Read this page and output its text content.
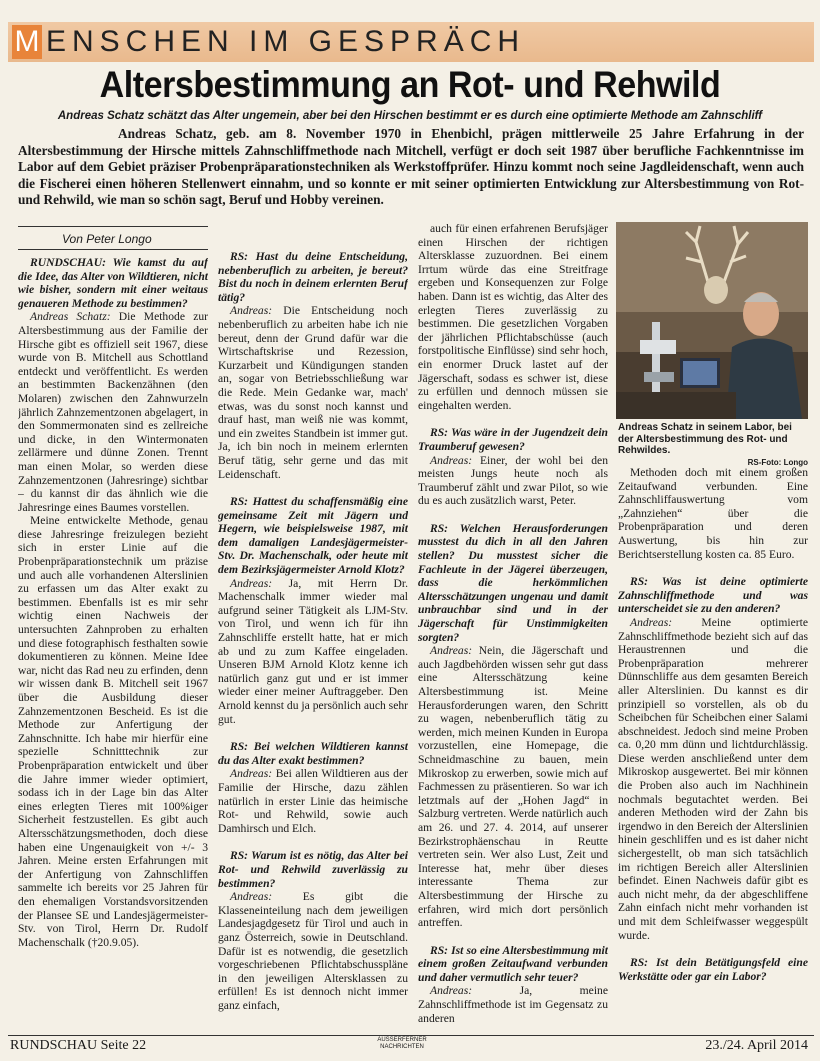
M ENSCHEN IM GESPRÄCH
Altersbestimmung an Rot- und Rehwild
Andreas Schatz schätzt das Alter ungemein, aber bei den Hirschen bestimmt er es durch eine optimierte Methode am Zahnschliff
Andreas Schatz, geb. am 8. November 1970 in Ehenbichl, prägen mittlerweile 25 Jahre Erfahrung in der Altersbestimmung der Hirsche mittels Zahnschliffmethode nach Mitchell, verfügt er doch seit 1987 über berufliche Fachkenntnisse im Labor auf dem Gebiet präziser Probenpräparationstechniken als Werkstoffprüfer. Hinzu kommt noch seine Jagdleidenschaft, wenn auch die Fischerei einen höheren Stellenwert einnahm, und so konnte er mit seiner optimierten Entwicklung zur Altersbestimmung von Rot- und Rehwild, wie man so schön sagt, Beruf und Hobby vereinen.
Von Peter Longo

RUNDSCHAU: Wie kamst du auf die Idee, das Alter von Wildtieren, nicht wie bisher, sondern mit einer weitaus genaueren Methode zu bestimmen?

Andreas Schatz: Die Methode zur Altersbestimmung aus der Familie der Hirsche gibt es offiziell seit 1967, diese wurde von B. Mitchell aus Schottland entdeckt und veröffentlicht. Es werden an bestimmten Backenzähnen (den Molaren) zwischen den Zahnwurzeln jährlich Zahnzementzonen abgelagert, in den Sommermonaten sind es zellreiche und dicke, in den Wintermonaten zellärmere und dünne Zonen. Trennt man einen Molar, so werden diese Zahnzementzonen (Jahresringe) sichtbar – du kannst dir das ähnlich wie die Jahresringe eines Baumes vorstellen.

Meine entwickelte Methode, genau diese Jahresringe freizulegen bezieht sich in erster Linie auf die Probenpräparationstechnik um präzise und auch alle vorhandenen Alterslinien zu erfassen um das Alter exakt zu bestimmen. Ebenfalls ist es mir sehr wichtig einen Nachweis der untersuchten Zahnproben zu erhalten und diese fotographisch festhalten sowie dokumentieren zu können. Meine Idee war, nicht das Rad neu zu erfinden, denn wir wissen dank B. Mitchell seit 1967 über die Ausbildung dieser Zahnzementzonen Bescheid. Es ist die Methode zur Anfertigung der Zahnschnitte. Ich habe mir hierfür eine spezielle Schnitttechnik zur Probenpräparation entwickelt und über die Jahre immer wieder optimiert, sodass ich in der Lage bin das Alter eines erlegten Tieres mit 100%iger Sicherheit festzustellen. Es gibt auch Altersschätzungsmethoden, doch diese haben eine Ungenauigkeit von +/- 3 Jahren. Meine ersten Erfahrungen mit der Anfertigung von Zahnschliffen sammelte ich bereits vor 25 Jahren für den ehemaligen Vorstandsvorsitzenden der Plansee SE und Landesjägermeister-Stv. von Tirol, Herrn Dr. Rudolf Machenschalk (†20.9.05).

RS: Hast du deine Entscheidung, nebenberuflich zu arbeiten, je bereut? Bist du noch in deinem erlernten Beruf tätig?

Andreas: Die Entscheidung noch nebenberuflich zu arbeiten habe ich nie bereut, denn der Grund dafür war die Wirtschaftskrise und Rezession, Kurzarbeit und Kündigungen standen an, sogar von Betriebsschließung war die Rede. Mein Gedanke war, mach' etwas, was du sonst noch kannst und drauf hast, man weiß nie was kommt, und ein zweites Standbein ist immer gut. Ja, ich bin noch in meinem erlernten Beruf tätig, sehr gerne und das mit Leidenschaft.

RS: Hattest du schaffensmäßig eine gemeinsame Zeit mit Jägern und Hegern, wie beispielsweise 1987, mit dem damaligen Landesjägermeister-Stv. Dr. Machenschalk, oder heute mit dem Bezirksjägermeister Arnold Klotz?

Andreas: Ja, mit Herrn Dr. Machenschalk immer wieder mal aufgrund seiner Tätigkeit als LJM-Stv. von Tirol, und wenn ich für ihn Zahnschliffe erstellt hatte, hat er mich ab und zu zum Kaffee eingeladen. Unseren BJM Arnold Klotz kenne ich natürlich ganz gut und er ist immer wieder einer meiner Auftraggeber. Den Arnold kennst du ja persönlich auch sehr gut.

RS: Bei welchen Wildtieren kannst du das Alter exakt bestimmen?

Andreas: Bei allen Wildtieren aus der Familie der Hirsche, dazu zählen natürlich in erster Linie das heimische Rot- und Rehwild, sowie auch Damhirsch und Elch.

RS: Warum ist es nötig, das Alter bei Rot- und Rehwild zuverlässig zu bestimmen?

Andreas: Es gibt die Klasseneinteilung nach dem jeweiligen Landesjagdgesetz für Tirol und auch in ganz Österreich, sowie in Deutschland. Dafür ist es notwendig, die gesetzlich vorgeschriebenen Pflichtabschusspläne in den jeweiligen Altersklassen zu erfüllen! Es ist dennoch nicht immer ganz einfach,

auch für einen erfahrenen Berufsjäger einen Hirschen der richtigen Altersklasse zuzuordnen. Bei einem Irrtum würde das eine Streitfrage ergeben und Konsequenzen zur Folge haben. Dann ist es wichtig, das Alter des erlegten Tieres zuverlässig zu bestimmen. Die gesetzlichen Vorgaben der jährlichen Pflichtabschüsse (auch forstpolitische Einflüsse) sind sehr hoch, ein enormer Druck lastet auf der Jägerschaft, sodass es schwer ist, diese zu erfüllen und dennoch müssen sie eingehalten werden.

RS: Was wäre in der Jugendzeit dein Traumberuf gewesen?

Andreas: Einer, der wohl bei den meisten Jungs heute noch als Traumberuf zählt und zwar Pilot, so wie du es auch zusätzlich warst, Peter.

RS: Welchen Herausforderungen musstest du dich in all den Jahren stellen? Du musstest sicher die Fachleute in der Jägerei überzeugen, dass die herkömmlichen Altersschätzungen ungenau und damit unbrauchbar sind und in der Jägerschaft für Unstimmigkeiten sorgten?

Andreas: Nein, die Jägerschaft und auch Jagdbehörden wissen sehr gut dass eine Altersschätzung keine Altersbestimmung ist. Meine Herausforderungen waren, den Schritt zu wagen, nebenberuflich tätig zu werden, mich meinen Kunden in Europa vorzustellen, eine Homepage, die Schneidmaschine zu bauen, mein Mikroskop zu erwerben, sowie mich auf Fachmessen zu präsentieren. So war ich letztmals auf der „Hohen Jagd“ in Salzburg vertreten. Werde natürlich auch am 26. und 27. 4. 2014, auf unserer Bezirkstrophäenschau in Reutte vertreten sein. Wer also Lust, Zeit und Interesse hat, mehr über dieses interessante Thema zur Altersbestimmung der Hirsche zu erfahren, wird mich dort persönlich antreffen.

RS: Ist so eine Altersbestimmung mit einem großen Zeitaufwand verbunden und daher vermutlich sehr teuer?

Andreas: Ja, meine Zahnschliffmethode ist im Gegensatz zu anderen

Andreas Schatz in seinem Labor, bei der Altersbestimmung des Rot- und Rehwildes.
RS-Foto: Longo

Methoden doch mit einem großen Zeitaufwand verbunden. Eine Zahnschliffauswertung vom „Zahnziehen“ über die Probenpräparation und deren Auswertung, bis hin zur Berichtserstellung kosten ca. 85 Euro.

RS: Was ist deine optimierte Zahnschliffmethode und was unterscheidet sie zu den anderen?

Andreas: Meine optimierte Zahnschliffmethode bezieht sich auf das Heraustrennen und die Probenpräparation mehrerer Dünnschliffe aus dem gesamten Bereich aller Alterslinien. Du kannst es dir prinzipiell so vorstellen, als ob du Scheibchen für Scheibchen einer Salami abschneidest. Jedoch sind meine Proben ca. 0,20 mm dünn und lichtdurchlässig. Diese werden anschließend unter dem Mikroskop ausgewertet. Bei mir können die Proben also auch im Nachhinein nochmals begutachtet werden. Bei anderen Methoden wird der Zahn bis irgendwo in den Bereich der Alterslinien hinein geschliffen und es ist daher nicht sichergestellt, ob man sich tatsächlich im richtigen Bereich aller Alterslinien befindet. Einen Nachweis dafür gibt es auch nicht mehr, da der abgeschliffene Zahn einfach nicht mehr vorhanden ist und mit dem Schleifwasser weggespült wurde.

RS: Ist dein Betätigungsfeld eine Werkstätte oder gar ein Labor?

RUNDSCHAU Seite 22	AUSSERFERNER NACHRICHTEN	23./24. April 2014
